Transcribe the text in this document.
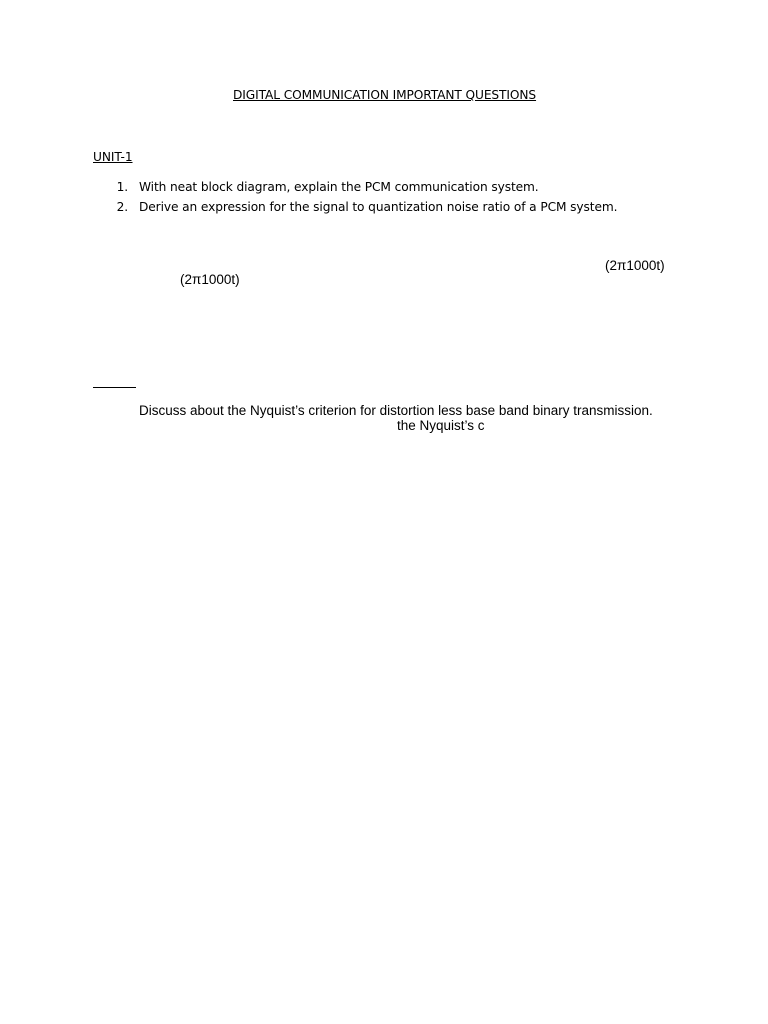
DIGITAL COMMUNICATION IMPORTANT QUESTIONS
UNIT-1
1. With neat block diagram, explain the PCM communication system.
2. Derive an expression for the signal to quantization noise ratio of a PCM system.
(2π1000t)
(2π1000t)
Discuss about the Nyquist’s criterion for distortion less base band binary transmission.
the Nyquist’s c
